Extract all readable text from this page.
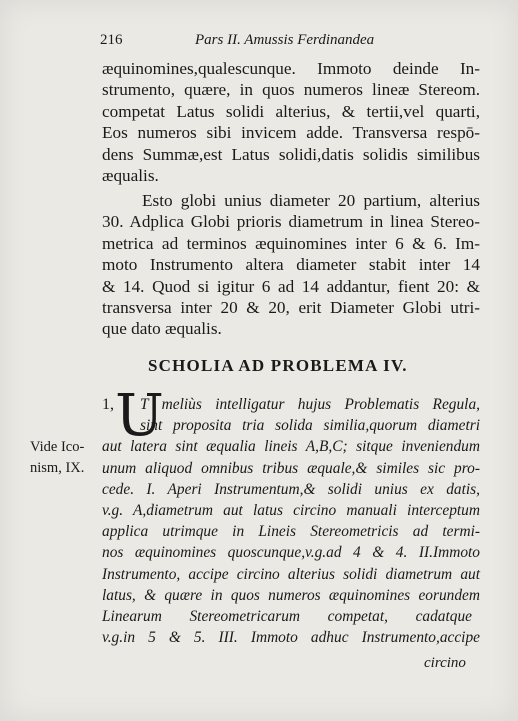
216	Pars II. Amussis Ferdinandea
æquinomines,qualescunque. Immoto deinde In-
strumento, quære, in quos numeros lineæ Stereom.
competat Latus solidi alterius, & tertii,vel quarti,
Eos numeros sibi invicem adde. Transversa respō-
dens Summæ,est Latus solidi,datis solidis similibus
æqualis.
Esto globi unius diameter 20 partium, alterius
30. Adplica Globi prioris diametrum in linea Stereo-
metrica ad terminos æquinomines inter 6 & 6. Im-
moto Instrumento altera diameter stabit inter 14
& 14. Quod si igitur 6 ad 14 addantur, fient 20: &
transversa inter 20 & 20, erit Diameter Globi utri-
que dato æqualis.
SCHOLIA AD PROBLEMA IV.
Vide Ico-
nism, IX.
1, U
T meliùs intelligatur hujus Problematis Regula,
sint proposita tria solida similia,quorum diametri
aut latera sint æqualia lineis A,B,C; sitque inveniendum
unum aliquod omnibus tribus æquale,& similes sic pro-
cede. I. Aperi Instrumentum,& solidi unius ex datis,
v.g. A,diametrum aut latus circino manuali interceptum
applica utrimque in Lineis Stereometricis ad termi-
nos æquinomines quoscunque,v.g.ad 4 & 4. II.Immoto
Instrumento, accipe circino alterius solidi diametrum aut
latus, & quære in quos numeros æquinomines eorundem
Linearum Stereometricarum competat, cadatque
v.g.in 5 & 5. III. Immoto adhuc Instrumento,accipe
circino
